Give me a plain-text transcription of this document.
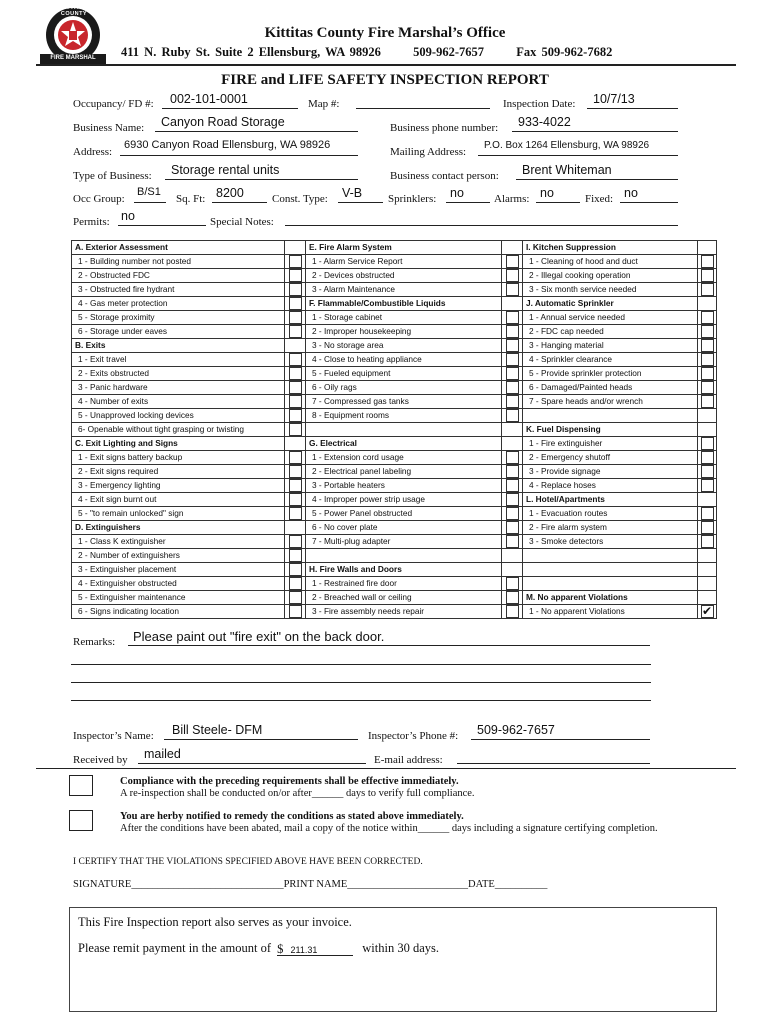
KITTITAS COUNTY
FIRE MARSHAL
Kittitas County Fire Marshal’s Office
411 N. Ruby St. Suite 2 Ellensburg, WA 98926	509-962-7657	Fax 509-962-7682
FIRE and LIFE SAFETY INSPECTION REPORT
Occupancy/ FD #: 002-101-0001	Map #:	Inspection Date: 10/7/13
Business Name: Canyon Road Storage	Business phone number: 933-4022
Address:
6930 Canyon Road Ellensburg, WA 98926
Mailing Address:
P.O. Box 1264 Ellensburg, WA 98926
Type of Business: Storage rental units	Business contact person: Brent Whiteman
Occ Group:
B/S1
Sq. Ft: 8200	Const. Type: V-B Sprinklers: no	Alarms: no	Fixed: no
Permits: no	Special Notes:
A. Exterior Assessment		E. Fire Alarm System		I. Kitchen Suppression	
1 - Building number not posted		1 - Alarm Service Report		1 - Cleaning of hood and duct	

2 - Obstructed FDC		2 - Devices obstructed		2 - Illegal cooking operation	

3 - Obstructed fire hydrant		3 - Alarm Maintenance		3 - Six month service needed	

4 - Gas meter protection		F. Flammable/Combustible Liquids		J. Automatic Sprinkler	
5 - Storage proximity		1 - Storage cabinet		1 - Annual service needed	

6 - Storage under eaves		2 - Improper housekeeping		2 - FDC cap needed	

B. Exits		3 - No storage area		3 - Hanging material	

1 - Exit travel		4 - Close to heating appliance		4 - Sprinkler clearance	

2 - Exits obstructed		5 - Fueled equipment		5 - Provide sprinkler protection	

3 - Panic hardware		6 - Oily rags		6 - Damaged/Painted heads	

4 - Number of exits		7 - Compressed gas tanks		7 - Spare heads and/or wrench	

5 - Unapproved locking devices		8 - Equipment rooms	

6- Openable without tight grasping or twisting				K. Fuel Dispensing	
C. Exit Lighting and Signs		G. Electrical		1 - Fire extinguisher	

1 - Exit signs battery backup		1 - Extension cord usage		2 - Emergency shutoff	

2 - Exit signs required		2 - Electrical panel labeling		3 - Provide signage	

3 - Emergency lighting		3 - Portable heaters		4 - Replace hoses	

4 - Exit sign burnt out		4 - Improper power strip usage		L. Hotel/Apartments	
5 - "to remain unlocked" sign		5 - Power Panel obstructed		1 - Evacuation routes	

D. Extinguishers		6 - No cover plate		2 - Fire alarm system	

1 - Class K extinguisher		7 - Multi-plug adapter		3 - Smoke detectors	

2 - Number of extinguishers	

3 - Extinguisher placement		H. Fire Walls and Doors			
4 - Extinguisher obstructed		1 - Restrained fire door	

5 - Extinguisher maintenance		2 - Breached wall or ceiling		M. No apparent Violations	
6 - Signs indicating location		3 - Fire assembly needs repair		1 - No apparent Violations	✔
Remarks: Please paint out "fire exit" on the back door.
Inspector’s Name: Bill Steele- DFM	Inspector’s Phone #: 509-962-7657
Received by mailed	E-mail address:
Compliance with the preceding requirements shall be effective immediately.
A re-inspection shall be conducted on/or after______ days to verify full compliance.
You are herby notified to remedy the conditions as stated above immediately.
After the conditions have been abated, mail a copy of the notice within______ days including a signature certifying completion.
I CERTIFY THAT THE VIOLATIONS SPECIFIED ABOVE HAVE BEEN CORRECTED.
SIGNATURE_____________________________PRINT NAME_______________________DATE__________
This Fire Inspection report also serves as your invoice.
Please remit payment in the amount of $ 211.31	within 30 days.
